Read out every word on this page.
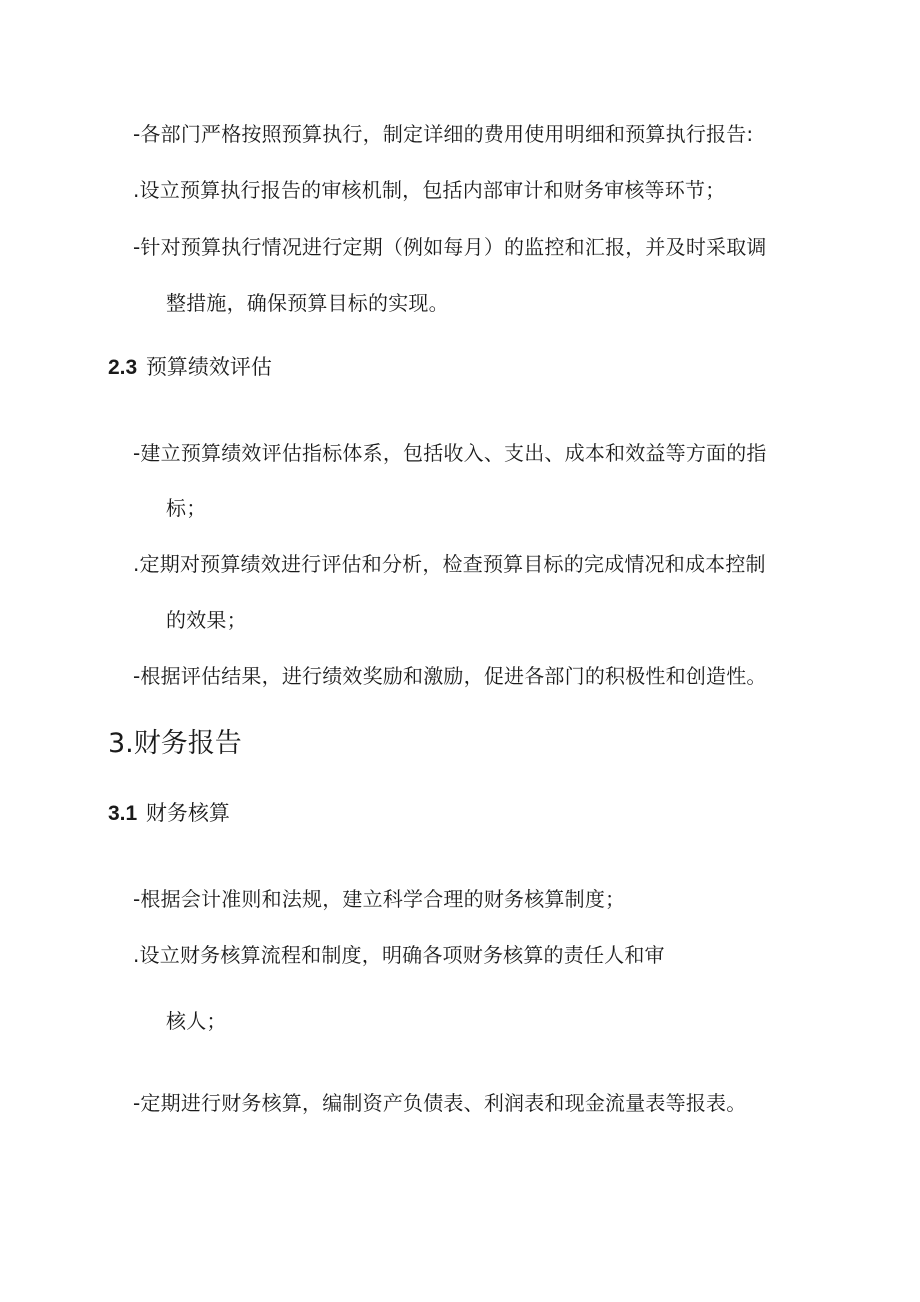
-各部门严格按照预算执行，制定详细的费用使用明细和预算执行报告:
.设立预算执行报告的审核机制，包括内部审计和财务审核等环节；
-针对预算执行情况进行定期（例如每月）的监控和汇报，并及时采取调
整措施，确保预算目标的实现。
2.3 预算绩效评估
-建立预算绩效评估指标体系，包括收入、支出、成本和效益等方面的指
标；
.定期对预算绩效进行评估和分析，检查预算目标的完成情况和成本控制
的效果；
-根据评估结果，进行绩效奖励和激励，促进各部门的积极性和创造性。
3.财务报告
3.1 财务核算
-根据会计准则和法规，建立科学合理的财务核算制度；
.设立财务核算流程和制度，明确各项财务核算的责任人和审
核人；
-定期进行财务核算，编制资产负债表、利润表和现金流量表等报表。
